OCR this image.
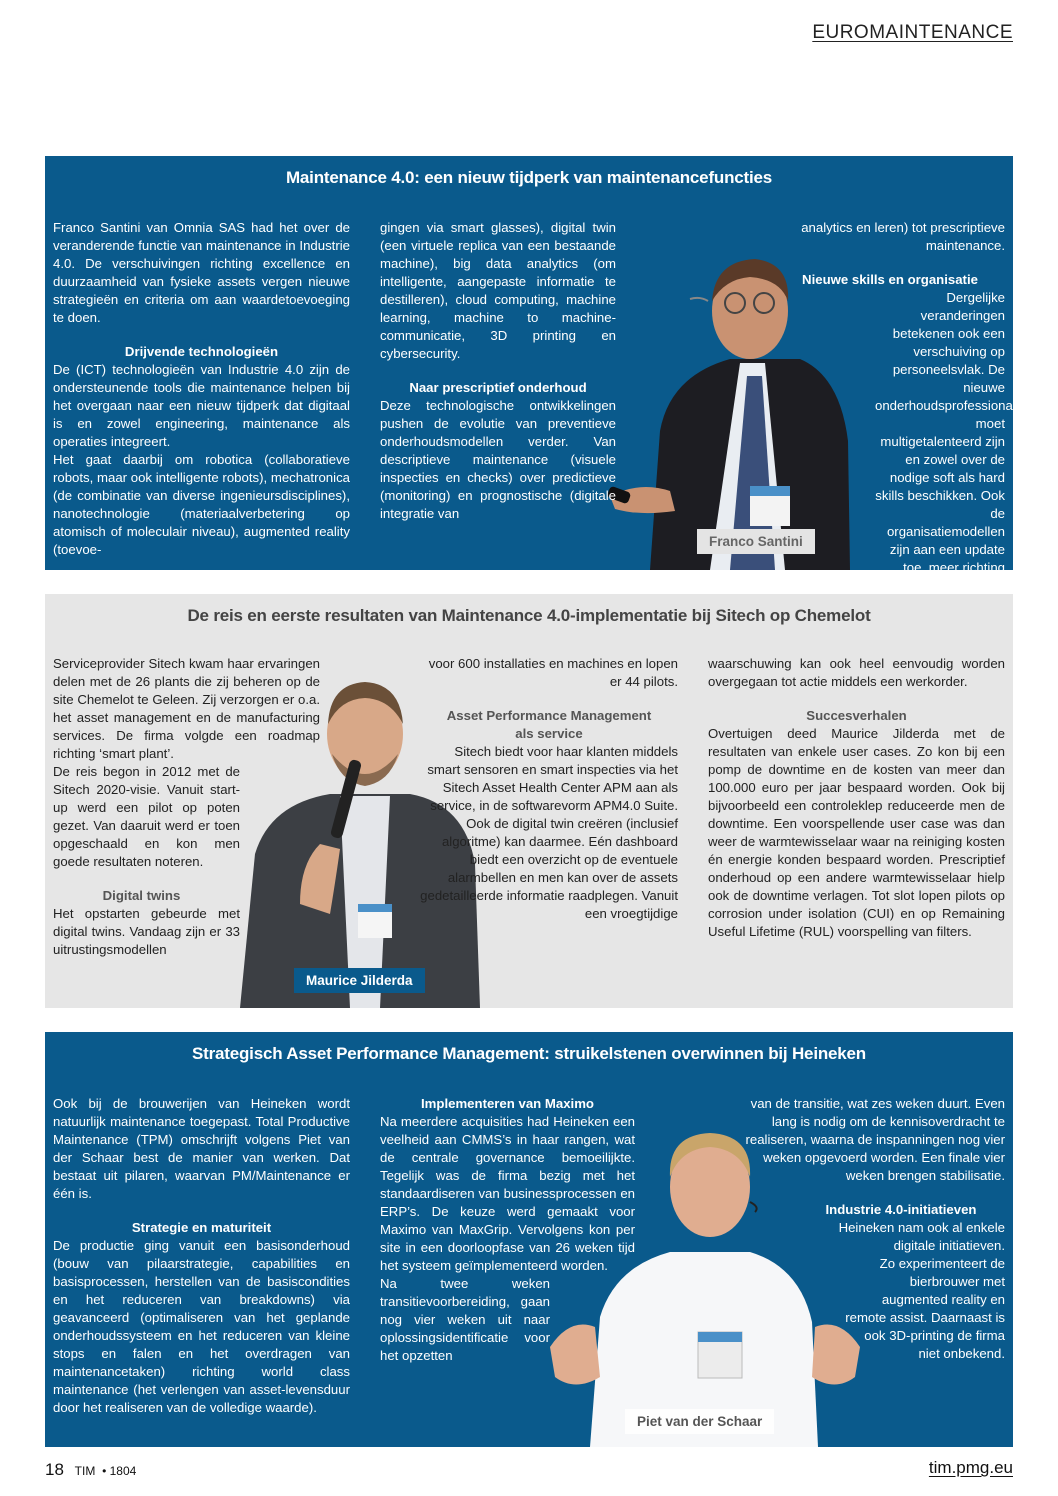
EUROMAINTENANCE
Maintenance 4.0: een nieuw tijdperk van maintenancefuncties
Franco Santini

Franco Santini van Omnia SAS had het over de veranderende functie van maintenance in Industrie 4.0. De verschuivingen richting excellence en duurzaamheid van fysieke assets vergen nieuwe strategieën en criteria om aan waardetoevoeging te doen.

Drijvende technologieën

De (ICT) technologieën van Industrie 4.0 zijn de ondersteunende tools die maintenance helpen bij het overgaan naar een nieuw tijdperk dat digitaal is en zowel engineering, maintenance als operaties integreert.

Het gaat daarbij om robotica (collaboratieve robots, maar ook intelligente robots), mechatronica (de combinatie van diverse ingenieursdisciplines), nanotechnologie (materiaalverbetering op atomisch of moleculair niveau), augmented reality (toevoe-

gingen via smart glasses), digital twin (een virtuele replica van een bestaande machine), big data analytics (om intelligente, aangepaste informatie te destilleren), cloud computing, machine learning, machine to machine-communicatie, 3D printing en cybersecurity.

Naar prescriptief onderhoud

Deze technologische ontwikkelingen pushen de evolutie van preventieve onderhoudsmodellen verder. Van descriptieve maintenance (visuele inspecties en checks) over predictieve (monitoring) en prognostische (digitale integratie van

analytics en leren) tot prescriptieve maintenance.

Nieuwe skills en organisatie

Dergelijke veranderingen betekenen ook een verschuiving op personeelsvlak. De nieuwe onderhoudsprofessional moet multigetalenteerd zijn en zowel over de nodige soft als hard skills beschikken. Ook de organisatiemodellen zijn aan een update toe, meer richting servitization

De reis en eerste resultaten van Maintenance 4.0-implementatie bij Sitech op Chemelot
Maurice Jilderda

Serviceprovider Sitech kwam haar ervaringen delen met de 26 plants die zij beheren op de site Chemelot te Geleen. Zij verzorgen er o.a. het asset management en de manufacturing services. De firma volgde een roadmap richting ‘smart plant’.

De reis begon in 2012 met de Sitech 2020-visie. Vanuit start-up werd een pilot op poten gezet. Van daaruit werd er toen opgeschaald en kon men goede resultaten noteren.

Digital twins

Het opstarten gebeurde met digital twins. Vandaag zijn er 33 uitrustingsmodellen

voor 600 installaties en machines en lopen er 44 pilots.

Asset Performance Management als service

Sitech biedt voor haar klanten middels smart sensoren en smart inspecties via het Sitech Asset Health Center APM aan als service, in de softwarevorm APM4.0 Suite. Ook de digital twin creëren (inclusief algoritme) kan daarmee. Eén dashboard biedt een overzicht op de eventuele alarmbellen en men kan over de assets gedetailleerde informatie raadplegen. Vanuit een vroegtijdige

waarschuwing kan ook heel eenvoudig worden overgegaan tot actie middels een werkorder.

Succesverhalen

Overtuigen deed Maurice Jilderda met de resultaten van enkele user cases. Zo kon bij een pomp de downtime en de kosten van meer dan 100.000 euro per jaar bespaard worden. Ook bij bijvoorbeeld een controleklep reduceerde men de downtime. Een voorspellende user case was dan weer de warmtewisselaar waar na reiniging kosten én energie konden bespaard worden. Prescriptief onderhoud op een andere warmtewisselaar hielp ook de downtime verlagen. Tot slot lopen pilots op corrosion under isolation (CUI) en op Remaining Useful Lifetime (RUL) voorspelling van filters.

Strategisch Asset Performance Management: struikelstenen overwinnen bij Heineken
Piet van der Schaar

Ook bij de brouwerijen van Heineken wordt natuurlijk maintenance toegepast. Total Productive Maintenance (TPM) omschrijft volgens Piet van der Schaar best de manier van werken. Dat bestaat uit pilaren, waarvan PM/Maintenance er één is.

Strategie en maturiteit

De productie ging vanuit een basisonderhoud (bouw van pilaarstrategie, capabilities en basisprocessen, herstellen van de basiscondities en het reduceren van breakdowns) via geavanceerd (optimaliseren van het geplande onderhoudssysteem en het reduceren van kleine stops en falen en het overdragen van maintenancetaken) richting world class maintenance (het verlengen van asset-levensduur door het realiseren van de volledige waarde).

Implementeren van Maximo

Na meerdere acquisities had Heineken een veelheid aan CMMS’s in haar rangen, wat de centrale governance bemoeilijkte. Tegelijk was de firma bezig met het standaardiseren van businessprocessen en ERP’s. De keuze werd gemaakt voor Maximo van MaxGrip. Vervolgens kon per site in een doorloopfase van 26 weken tijd het systeem geïmplementeerd worden.

Na twee weken transitievoorbereiding, gaan nog vier weken uit naar oplossingsidentificatie voor het opzetten

van de transitie, wat zes weken duurt. Even lang is nodig om de kennisoverdracht te realiseren, waarna de inspanningen nog vier weken opgevoerd worden. Een finale vier weken brengen stabilisatie.

Industrie 4.0-initiatieven

Heineken nam ook al enkele digitale initiatieven.

Zo experimenteert de bierbrouwer met augmented reality en remote assist. Daarnaast is ook 3D-printing de firma niet onbekend.

18 TIM • 1804	tim.pmg.eu
